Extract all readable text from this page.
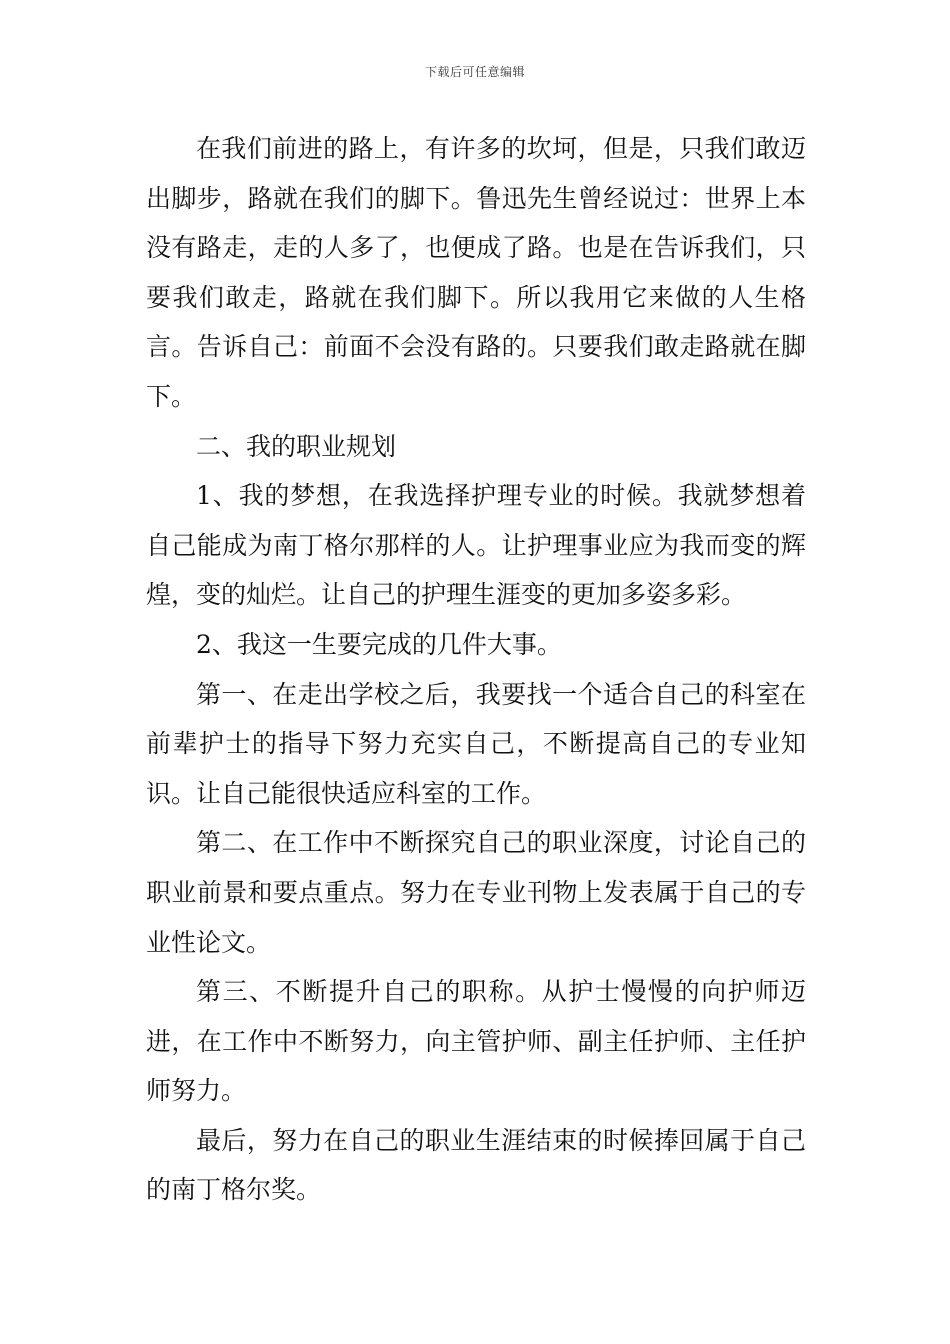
下载后可任意编辑

在我们前进的路上，有许多的坎坷，但是，只我们敢迈出脚步，路就在我们的脚下。鲁迅先生曾经说过：世界上本没有路走，走的人多了，也便成了路。也是在告诉我们，只要我们敢走，路就在我们脚下。所以我用它来做的人生格言。告诉自己：前面不会没有路的。只要我们敢走路就在脚下。

二、我的职业规划

1、我的梦想，在我选择护理专业的时候。我就梦想着自己能成为南丁格尔那样的人。让护理事业应为我而变的辉煌，变的灿烂。让自己的护理生涯变的更加多姿多彩。

2、我这一生要完成的几件大事。

第一、在走出学校之后，我要找一个适合自己的科室在前辈护士的指导下努力充实自己，不断提高自己的专业知识。让自己能很快适应科室的工作。

第二、在工作中不断探究自己的职业深度，讨论自己的职业前景和要点重点。努力在专业刊物上发表属于自己的专业性论文。

第三、不断提升自己的职称。从护士慢慢的向护师迈进，在工作中不断努力，向主管护师、副主任护师、主任护师努力。

最后，努力在自己的职业生涯结束的时候捧回属于自己的南丁格尔奖。
